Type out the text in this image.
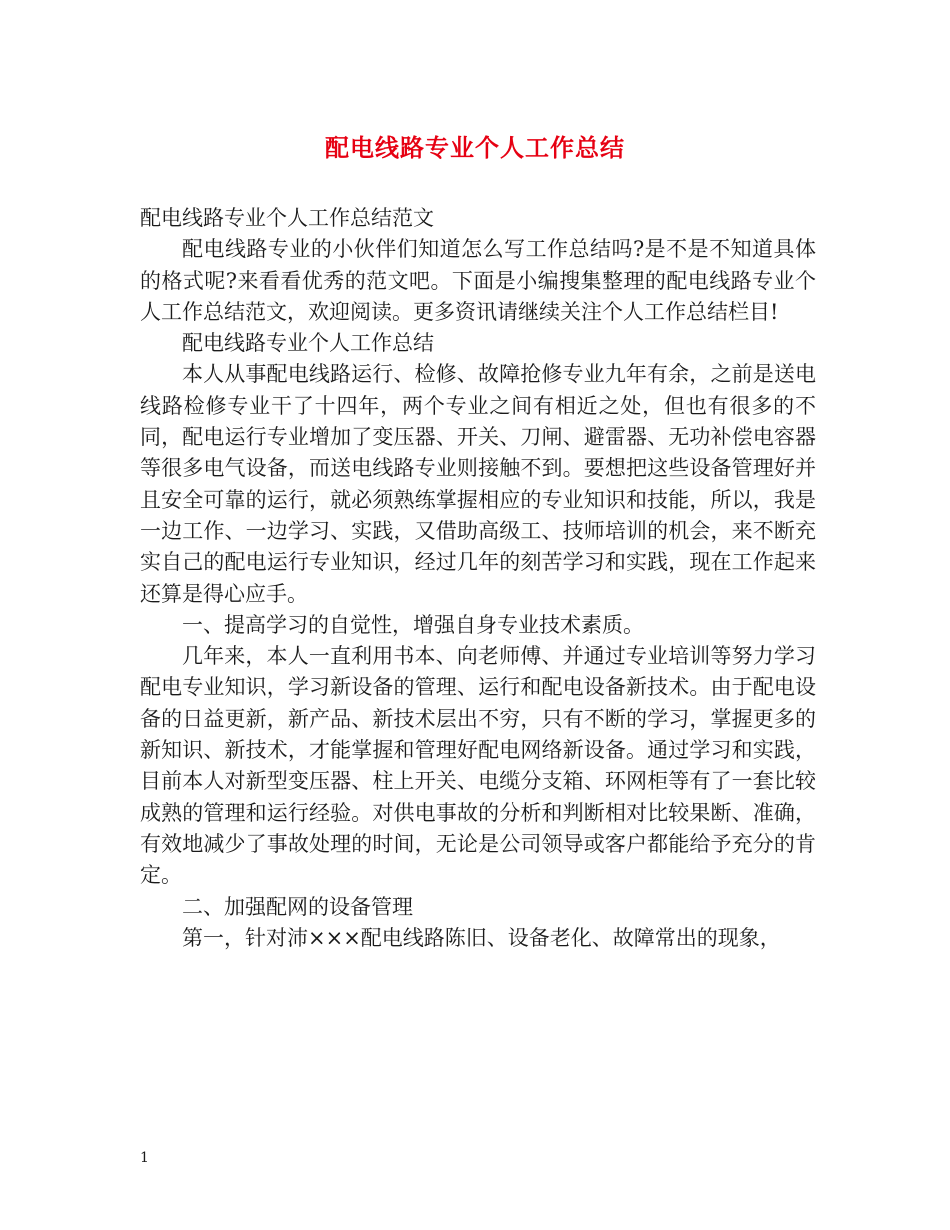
配电线路专业个人工作总结

配电线路专业个人工作总结范文

配电线路专业的小伙伴们知道怎么写工作总结吗?是不是不知道具体的格式呢?来看看优秀的范文吧。下面是小编搜集整理的配电线路专业个人工作总结范文，欢迎阅读。更多资讯请继续关注个人工作总结栏目!

配电线路专业个人工作总结

本人从事配电线路运行、检修、故障抢修专业九年有余，之前是送电线路检修专业干了十四年，两个专业之间有相近之处，但也有很多的不同，配电运行专业增加了变压器、开关、刀闸、避雷器、无功补偿电容器等很多电气设备，而送电线路专业则接触不到。要想把这些设备管理好并且安全可靠的运行，就必须熟练掌握相应的专业知识和技能，所以，我是一边工作、一边学习、实践，又借助高级工、技师培训的机会，来不断充实自己的配电运行专业知识，经过几年的刻苦学习和实践，现在工作起来还算是得心应手。

一、提高学习的自觉性，增强自身专业技术素质。

几年来，本人一直利用书本、向老师傅、并通过专业培训等努力学习配电专业知识，学习新设备的管理、运行和配电设备新技术。由于配电设备的日益更新，新产品、新技术层出不穷，只有不断的学习，掌握更多的新知识、新技术，才能掌握和管理好配电网络新设备。通过学习和实践，目前本人对新型变压器、柱上开关、电缆分支箱、环网柜等有了一套比较成熟的管理和运行经验。对供电事故的分析和判断相对比较果断、准确，有效地减少了事故处理的时间，无论是公司领导或客户都能给予充分的肯定。

二、加强配网的设备管理

第一，针对沛×××配电线路陈旧、设备老化、故障常出的现象，

1
